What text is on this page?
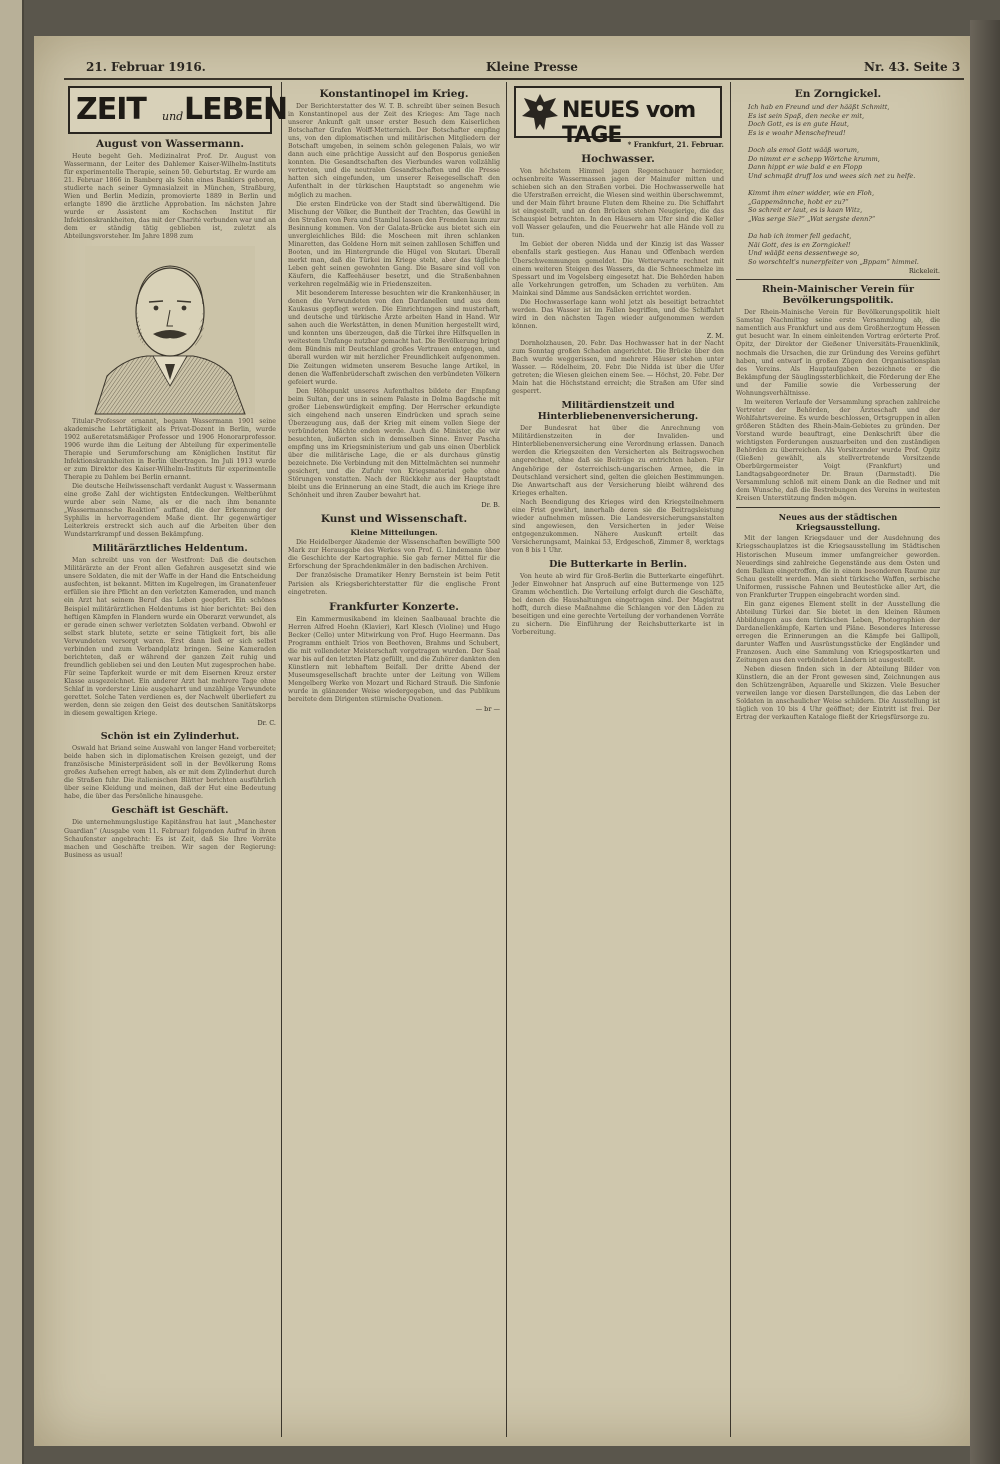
21. Februar 1916.	Kleine Presse	Nr. 43. Seite 3
ZEIT und LEBEN
August von Wassermann.

Heute begeht Geh. Medizinalrat Prof. Dr. August von Wassermann, der Leiter des Dahlemer Kaiser-Wilhelm-Instituts für experimentelle Therapie, seinen 50. Geburtstag. Er wurde am 21. Februar 1866 in Bamberg als Sohn eines Bankiers geboren, studierte nach seiner Gymnasialzeit in München, Straßburg, Wien und Berlin Medizin, promovierte 1889 in Berlin und erlangte 1890 die ärztliche Approbation. Im nächsten Jahre wurde er Assistent am Kochschen Institut für Infektionskrankheiten, das mit der Charité verbunden war und an dem er ständig tätig geblieben ist, zuletzt als Abteilungsvorsteher. Im Jahre 1898 zum

Titular-Professor ernannt, begann Wassermann 1901 seine akademische Lehrtätigkeit als Privat-Dozent in Berlin, wurde 1902 außeretatsmäßiger Professor und 1906 Honorarprofessor. 1906 wurde ihm die Leitung der Abteilung für experimentelle Therapie und Serumforschung am Königlichen Institut für Infektionskrankheiten in Berlin übertragen. Im Juli 1913 wurde er zum Direktor des Kaiser-Wilhelm-Instituts für experimentelle Therapie zu Dahlem bei Berlin ernannt.

Die deutsche Heilwissenschaft verdankt August v. Wassermann eine große Zahl der wichtigsten Entdeckungen. Weltberühmt wurde aber sein Name, als er die nach ihm benannte „Wassermannsche Reaktion“ auffand, die der Erkennung der Syphilis in hervorragendem Maße dient. Ihr gegenwärtiger Leiterkreis erstreckt sich auch auf die Arbeiten über den Wundstarrkrampf und dessen Bekämpfung.

Militärärztliches Heldentum.

Man schreibt uns von der Westfront: Daß die deutschen Militärärzte an der Front allen Gefahren ausgesetzt sind wie unsere Soldaten, die mit der Waffe in der Hand die Entscheidung ausfechten, ist bekannt. Mitten im Kugelregen, im Granatenfeuer erfüllen sie ihre Pflicht an den verletzten Kameraden, und manch ein Arzt hat seinem Beruf das Leben geopfert. Ein schönes Beispiel militärärztlichen Heldentums ist hier berichtet: Bei den heftigen Kämpfen in Flandern wurde ein Oberarzt verwundet, als er gerade einen schwer verletzten Soldaten verband. Obwohl er selbst stark blutete, setzte er seine Tätigkeit fort, bis alle Verwundeten versorgt waren. Erst dann ließ er sich selbst verbinden und zum Verbandplatz bringen. Seine Kameraden berichteten, daß er während der ganzen Zeit ruhig und freundlich geblieben sei und den Leuten Mut zugesprochen habe. Für seine Tapferkeit wurde er mit dem Eisernen Kreuz erster Klasse ausgezeichnet. Ein anderer Arzt hat mehrere Tage ohne Schlaf in vorderster Linie ausgeharrt und unzählige Verwundete gerettet. Solche Taten verdienen es, der Nachwelt überliefert zu werden, denn sie zeigen den Geist des deutschen Sanitätskorps in diesem gewaltigen Kriege.

Dr. C.
Schön ist ein Zylinderhut.

Oswald hat Briand seine Auswahl von langer Hand vorbereitet; beide haben sich in diplomatischen Kreisen gezeigt, und der französische Ministerpräsident soll in der Bevölkerung Roms großes Aufsehen erregt haben, als er mit dem Zylinderhut durch die Straßen fuhr. Die italienischen Blätter berichten ausführlich über seine Kleidung und meinen, daß der Hut eine Bedeutung habe, die über das Persönliche hinausgehe.

Geschäft ist Geschäft.

Die unternehmungslustige Kapitänsfrau hat laut „Manchester Guardian“ (Ausgabe vom 11. Februar) folgenden Aufruf in ihren Schaufenster angebracht: Es ist Zeit, daß Sie Ihre Vorräte machen und Geschäfte treiben. Wir sagen der Regierung: Business as usual!

Konstantinopel im Krieg.

Der Berichterstatter des W. T. B. schreibt über seinen Besuch in Konstantinopel aus der Zeit des Krieges: Am Tage nach unserer Ankunft galt unser erster Besuch dem Kaiserlichen Botschafter Grafen Wolff-Metternich. Der Botschafter empfing uns, von den diplomatischen und militärischen Mitgliedern der Botschaft umgeben, in seinem schön gelegenen Palais, wo wir dann auch eine prächtige Aussicht auf den Bosporus genießen konnten. Die Gesandtschaften des Vierbundes waren vollzählig vertreten, und die neutralen Gesandtschaften und die Presse hatten sich eingefunden, um unserer Reisegesellschaft den Aufenthalt in der türkischen Hauptstadt so angenehm wie möglich zu machen.

Die ersten Eindrücke von der Stadt sind überwältigend. Die Mischung der Völker, die Buntheit der Trachten, das Gewühl in den Straßen von Pera und Stambul lassen den Fremden kaum zur Besinnung kommen. Von der Galata-Brücke aus bietet sich ein unvergleichliches Bild: die Moscheen mit ihren schlanken Minaretten, das Goldene Horn mit seinen zahllosen Schiffen und Booten, und im Hintergrunde die Hügel von Skutari. Überall merkt man, daß die Türkei im Kriege steht, aber das tägliche Leben geht seinen gewohnten Gang. Die Basare sind voll von Käufern, die Kaffeehäuser besetzt, und die Straßenbahnen verkehren regelmäßig wie in Friedenszeiten.

Mit besonderem Interesse besuchten wir die Krankenhäuser, in denen die Verwundeten von den Dardanellen und aus dem Kaukasus gepflegt werden. Die Einrichtungen sind musterhaft, und deutsche und türkische Ärzte arbeiten Hand in Hand. Wir sahen auch die Werkstätten, in denen Munition hergestellt wird, und konnten uns überzeugen, daß die Türkei ihre Hilfsquellen in weitestem Umfange nutzbar gemacht hat. Die Bevölkerung bringt dem Bündnis mit Deutschland großes Vertrauen entgegen, und überall wurden wir mit herzlicher Freundlichkeit aufgenommen. Die Zeitungen widmeten unserem Besuche lange Artikel, in denen die Waffenbrüderschaft zwischen den verbündeten Völkern gefeiert wurde.

Den Höhepunkt unseres Aufenthaltes bildete der Empfang beim Sultan, der uns in seinem Palaste in Dolma Bagdsche mit großer Liebenswürdigkeit empfing. Der Herrscher erkundigte sich eingehend nach unseren Eindrücken und sprach seine Überzeugung aus, daß der Krieg mit einem vollen Siege der verbündeten Mächte enden werde. Auch die Minister, die wir besuchten, äußerten sich in demselben Sinne. Enver Pascha empfing uns im Kriegsministerium und gab uns einen Überblick über die militärische Lage, die er als durchaus günstig bezeichnete. Die Verbindung mit den Mittelmächten sei nunmehr gesichert, und die Zufuhr von Kriegsmaterial gehe ohne Störungen vonstatten. Nach der Rückkehr aus der Hauptstadt bleibt uns die Erinnerung an eine Stadt, die auch im Kriege ihre Schönheit und ihren Zauber bewahrt hat.

Dr. B.
Kunst und Wissenschaft.
Kleine Mitteilungen.

Die Heidelberger Akademie der Wissenschaften bewilligte 500 Mark zur Herausgabe des Werkes von Prof. G. Lindemann über die Geschichte der Kartographie. Sie gab ferner Mittel für die Erforschung der Sprachdenkmäler in den badischen Archiven.

Der französische Dramatiker Henry Bernstein ist beim Petit Parisien als Kriegsberichterstatter für die englische Front eingetreten.

Frankfurter Konzerte.

Ein Kammermusikabend im kleinen Saalbauaal brachte die Herren Alfred Hoehn (Klavier), Karl Klesch (Violine) und Hugo Becker (Cello) unter Mitwirkung von Prof. Hugo Heermann. Das Programm enthielt Trios von Beethoven, Brahms und Schubert, die mit vollendeter Meisterschaft vorgetragen wurden. Der Saal war bis auf den letzten Platz gefüllt, und die Zuhörer dankten den Künstlern mit lebhaftem Beifall. Der dritte Abend der Museumsgesellschaft brachte unter der Leitung von Willem Mengelberg Werke von Mozart und Richard Strauß. Die Sinfonie wurde in glänzender Weise wiedergegeben, und das Publikum bereitete dem Dirigenten stürmische Ovationen.

— br —
NEUES vom TAGE * Frankfurt, 21. Februar.
Hochwasser.

Von höchstem Himmel jagen Regenschauer hernieder, ochsenbreite Wassermassen jagen der Mainufer mitten und schieben sich an den Straßen vorbei. Die Hochwasserwelle hat die Uferstraßen erreicht, die Wiesen sind weithin überschwemmt, und der Main führt braune Fluten dem Rheine zu. Die Schiffahrt ist eingestellt, und an den Brücken stehen Neugierige, die das Schauspiel betrachten. In den Häusern am Ufer sind die Keller voll Wasser gelaufen, und die Feuerwehr hat alle Hände voll zu tun.

Im Gebiet der oberen Nidda und der Kinzig ist das Wasser ebenfalls stark gestiegen. Aus Hanau und Offenbach werden Überschwemmungen gemeldet. Die Wetterwarte rechnet mit einem weiteren Steigen des Wassers, da die Schneeschmelze im Spessart und im Vogelsberg eingesetzt hat. Die Behörden haben alle Vorkehrungen getroffen, um Schaden zu verhüten. Am Mainkai sind Dämme aus Sandsäcken errichtet worden.

Die Hochwasserlage kann wohl jetzt als beseitigt betrachtet werden. Das Wasser ist im Fallen begriffen, und die Schiffahrt wird in den nächsten Tagen wieder aufgenommen werden können.

Z. M.

Dornholzhausen, 20. Febr. Das Hochwasser hat in der Nacht zum Sonntag großen Schaden angerichtet. Die Brücke über den Bach wurde weggerissen, und mehrere Häuser stehen unter Wasser. — Rödelheim, 20. Febr. Die Nidda ist über die Ufer getreten; die Wiesen gleichen einem See. — Höchst, 20. Febr. Der Main hat die Höchststand erreicht; die Straßen am Ufer sind gesperrt.

Militärdienstzeit und Hinterbliebenenversicherung.

Der Bundesrat hat über die Anrechnung von Militärdienstzeiten in der Invaliden- und Hinterbliebenenversicherung eine Verordnung erlassen. Danach werden die Kriegszeiten den Versicherten als Beitragswochen angerechnet, ohne daß sie Beiträge zu entrichten haben. Für Angehörige der österreichisch-ungarischen Armee, die in Deutschland versichert sind, gelten die gleichen Bestimmungen. Die Anwartschaft aus der Versicherung bleibt während des Krieges erhalten.

Nach Beendigung des Krieges wird den Kriegsteilnehmern eine Frist gewährt, innerhalb deren sie die Beitragsleistung wieder aufnehmen müssen. Die Landesversicherungsanstalten sind angewiesen, den Versicherten in jeder Weise entgegenzukommen. Nähere Auskunft erteilt das Versicherungsamt, Mainkai 53, Erdgeschoß, Zimmer 8, werktags von 8 bis 1 Uhr.

Die Butterkarte in Berlin.

Von heute ab wird für Groß-Berlin die Butterkarte eingeführt. Jeder Einwohner hat Anspruch auf eine Buttermenge von 125 Gramm wöchentlich. Die Verteilung erfolgt durch die Geschäfte, bei denen die Haushaltungen eingetragen sind. Der Magistrat hofft, durch diese Maßnahme die Schlangen vor den Läden zu beseitigen und eine gerechte Verteilung der vorhandenen Vorräte zu sichern. Die Einführung der Reichsbutterkarte ist in Vorbereitung.

En Zorngickel.
Ich hab en Freund und der hääßt Schmitt,
Es ist sein Spaß, den necke er mit,
Doch Gott, es is en gute Haut,
Es is e woahr Menschefreud!

Doch als emol Gott wääß worum,
Do nimmt er e schepp Wörtche krumm,
Dann hippt er wie bald e en Flopp
Und schmaßt druff los und wees sich net zu helfe.

Kimmt ihm einer widder, wie en Floh,
„Gappemännche, hobt er zu?“
So schreit er laut, es is kaan Witz,
„Was serge Sie?“ „Wat sergste denn?“

Da hab ich immer fell gedacht,
Näi Gott, des is en Zorngickel!
Und wääßt eens dessentwege so,
So worschtelt's nunerpfeiter von „Bppam“ himmel.
Rickeleit.
Rhein-Mainischer Verein für Bevölkerungspolitik.

Der Rhein-Mainische Verein für Bevölkerungspolitik hielt Samstag Nachmittag seine erste Versammlung ab, die namentlich aus Frankfurt und aus dem Großherzogtum Hessen gut besucht war. In einem einleitenden Vortrag erörterte Prof. Opitz, der Direktor der Gießener Universitäts-Frauenklinik, nochmals die Ursachen, die zur Gründung des Vereins geführt haben, und entwarf in großen Zügen den Organisationsplan des Vereins. Als Hauptaufgaben bezeichnete er die Bekämpfung der Säuglingssterblichkeit, die Förderung der Ehe und der Familie sowie die Verbesserung der Wohnungsverhältnisse.

Im weiteren Verlaufe der Versammlung sprachen zahlreiche Vertreter der Behörden, der Ärzteschaft und der Wohlfahrtsvereine. Es wurde beschlossen, Ortsgruppen in allen größeren Städten des Rhein-Main-Gebietes zu gründen. Der Vorstand wurde beauftragt, eine Denkschrift über die wichtigsten Forderungen auszuarbeiten und den zuständigen Behörden zu überreichen. Als Vorsitzender wurde Prof. Opitz (Gießen) gewählt, als stellvertretende Vorsitzende Oberbürgermeister Voigt (Frankfurt) und Landtagsabgeordneter Dr. Braun (Darmstadt). Die Versammlung schloß mit einem Dank an die Redner und mit dem Wunsche, daß die Bestrebungen des Vereins in weitesten Kreisen Unterstützung finden mögen.

Neues aus der städtischen Kriegsausstellung.

Mit der langen Kriegsdauer und der Ausdehnung des Kriegsschauplatzes ist die Kriegsausstellung im Städtischen Historischen Museum immer umfangreicher geworden. Neuerdings sind zahlreiche Gegenstände aus dem Osten und dem Balkan eingetroffen, die in einem besonderen Raume zur Schau gestellt werden. Man sieht türkische Waffen, serbische Uniformen, russische Fahnen und Beutestücke aller Art, die von Frankfurter Truppen eingebracht worden sind.

Ein ganz eigenes Element stellt in der Ausstellung die Abteilung Türkei dar. Sie bietet in den kleinen Räumen Abbildungen aus dem türkischen Leben, Photographien der Dardanellenkämpfe, Karten und Pläne. Besonderes Interesse erregen die Erinnerungen an die Kämpfe bei Gallipoli, darunter Waffen und Ausrüstungsstücke der Engländer und Franzosen. Auch eine Sammlung von Kriegspostkarten und Zeitungen aus den verbündeten Ländern ist ausgestellt.

Neben diesen finden sich in der Abteilung Bilder von Künstlern, die an der Front gewesen sind, Zeichnungen aus den Schützengräben, Aquarelle und Skizzen. Viele Besucher verweilen lange vor diesen Darstellungen, die das Leben der Soldaten in anschaulicher Weise schildern. Die Ausstellung ist täglich von 10 bis 4 Uhr geöffnet; der Eintritt ist frei. Der Ertrag der verkauften Kataloge fließt der Kriegsfürsorge zu.
